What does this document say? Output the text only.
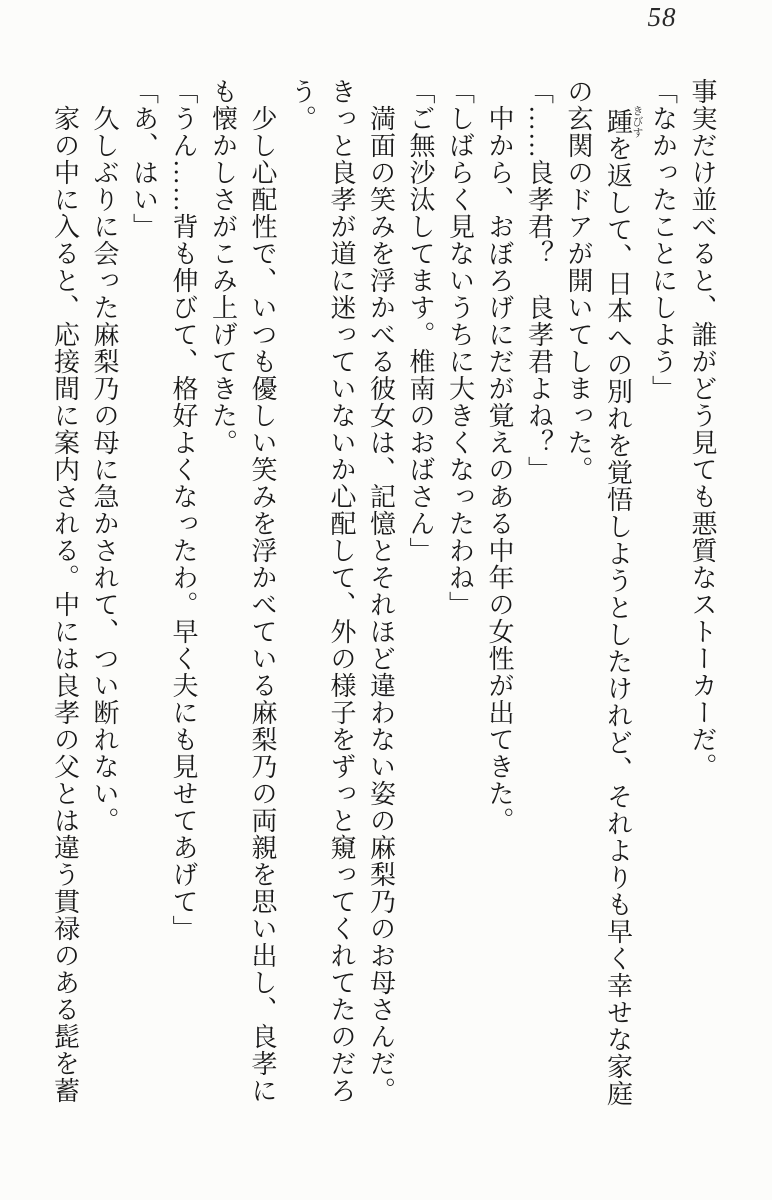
58
事実だけ並べると、誰がどう見ても悪質なストーカーだ。
「なかったことにしよう」
踵きびすを返して、日本への別れを覚悟しようとしたけれど、それよりも早く幸せな家庭
の玄関のドアが開いてしまった。
「……良孝君？　良孝君よね？」
中から、おぼろげにだが覚えのある中年の女性が出てきた。
「しばらく見ないうちに大きくなったわね」
「ご無沙汰してます。椎南のおばさん」
満面の笑みを浮かべる彼女は、記憶とそれほど違わない姿の麻梨乃のお母さんだ。
きっと良孝が道に迷っていないか心配して、外の様子をずっと窺ってくれてたのだろ
う。
少し心配性で、いつも優しい笑みを浮かべている麻梨乃の両親を思い出し、良孝に
も懐かしさがこみ上げてきた。
「うん……背も伸びて、格好よくなったわ。早く夫にも見せてあげて」
「あ、はい」
久しぶりに会った麻梨乃の母に急かされて、つい断れない。
家の中に入ると、応接間に案内される。中には良孝の父とは違う貫禄のある髭を蓄
